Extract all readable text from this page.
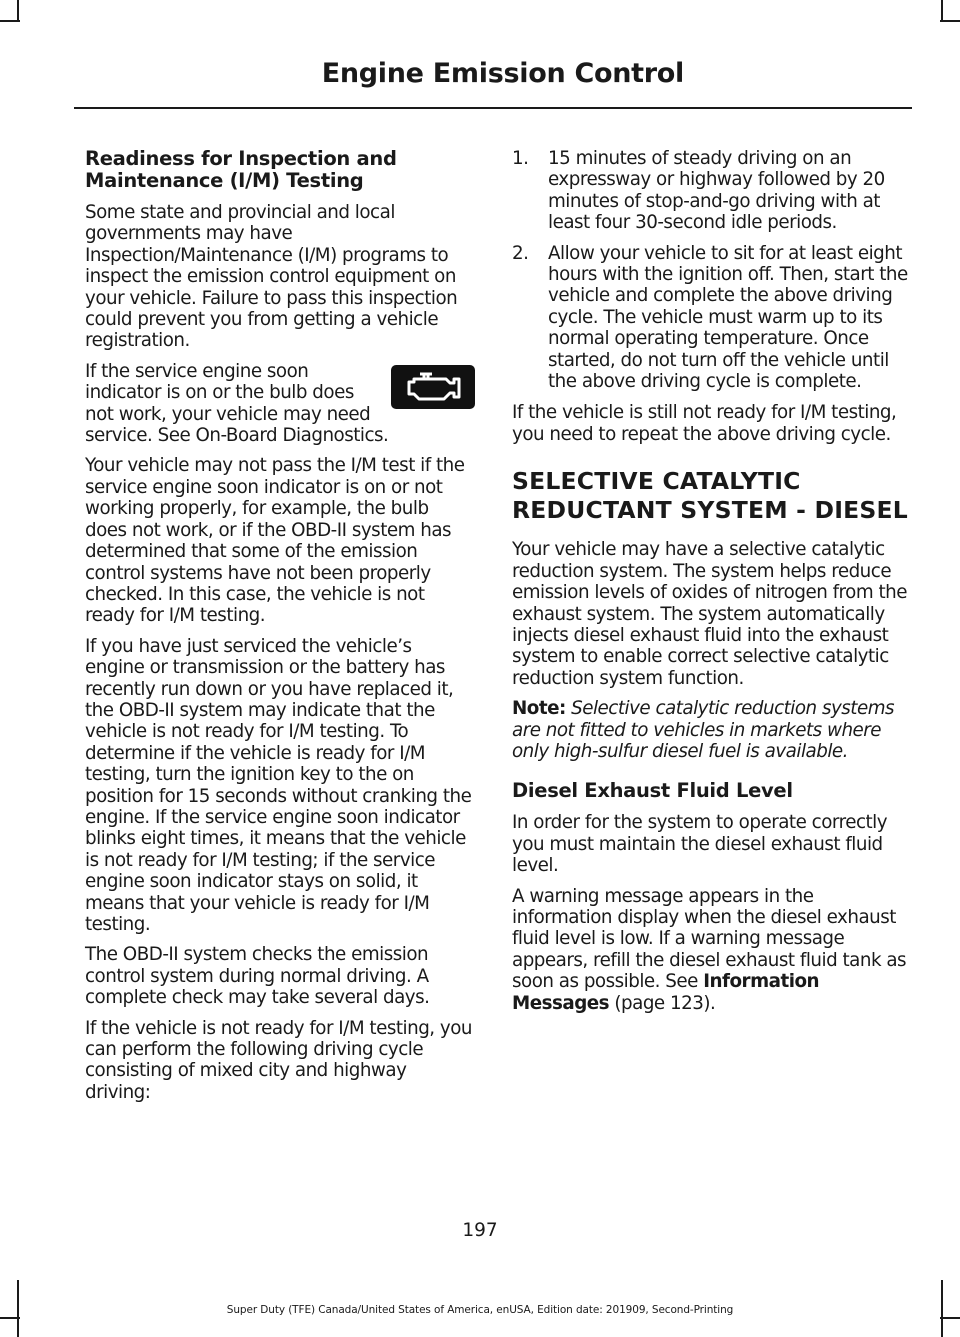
Engine Emission Control
Readiness for Inspection and Maintenance (I/M) Testing

Some state and provincial and local governments may have Inspection/Maintenance (I/M) programs to inspect the emission control equipment on your vehicle. Failure to pass this inspection could prevent you from getting a vehicle registration.

If the service engine soon indicator is on or the bulb does not work, your vehicle may need service. See On-Board Diagnostics.

Your vehicle may not pass the I/M test if the service engine soon indicator is on or not working properly, for example, the bulb does not work, or if the OBD-II system has determined that some of the emission control systems have not been properly checked. In this case, the vehicle is not ready for I/M testing.

If you have just serviced the vehicle’s engine or transmission or the battery has recently run down or you have replaced it, the OBD-II system may indicate that the vehicle is not ready for I/M testing. To determine if the vehicle is ready for I/M testing, turn the ignition key to the on position for 15 seconds without cranking the engine. If the service engine soon indicator blinks eight times, it means that the vehicle is not ready for I/M testing; if the service engine soon indicator stays on solid, it means that your vehicle is ready for I/M testing.

The OBD-II system checks the emission control system during normal driving. A complete check may take several days.

If the vehicle is not ready for I/M testing, you can perform the following driving cycle consisting of mixed city and highway driving:

1.	15 minutes of steady driving on an expressway or highway followed by 20 minutes of stop-and-go driving with at least four 30-second idle periods.
2.	Allow your vehicle to sit for at least eight hours with the ignition off. Then, start the vehicle and complete the above driving cycle. The vehicle must warm up to its normal operating temperature. Once started, do not turn off the vehicle until the above driving cycle is complete.

If the vehicle is still not ready for I/M testing, you need to repeat the above driving cycle.

SELECTIVE CATALYTIC
REDUCTANT SYSTEM - DIESEL

Your vehicle may have a selective catalytic reduction system. The system helps reduce emission levels of oxides of nitrogen from the exhaust system. The system automatically injects diesel exhaust fluid into the exhaust system to enable correct selective catalytic reduction system function.

Note: Selective catalytic reduction systems are not fitted to vehicles in markets where only high-sulfur diesel fuel is available.

Diesel Exhaust Fluid Level

In order for the system to operate correctly you must maintain the diesel exhaust fluid level.

A warning message appears in the information display when the diesel exhaust fluid level is low. If a warning message appears, refill the diesel exhaust fluid tank as soon as possible. See Information Messages (page 123).

197
Super Duty (TFE) Canada/United States of America, enUSA, Edition date: 201909, Second-Printing
